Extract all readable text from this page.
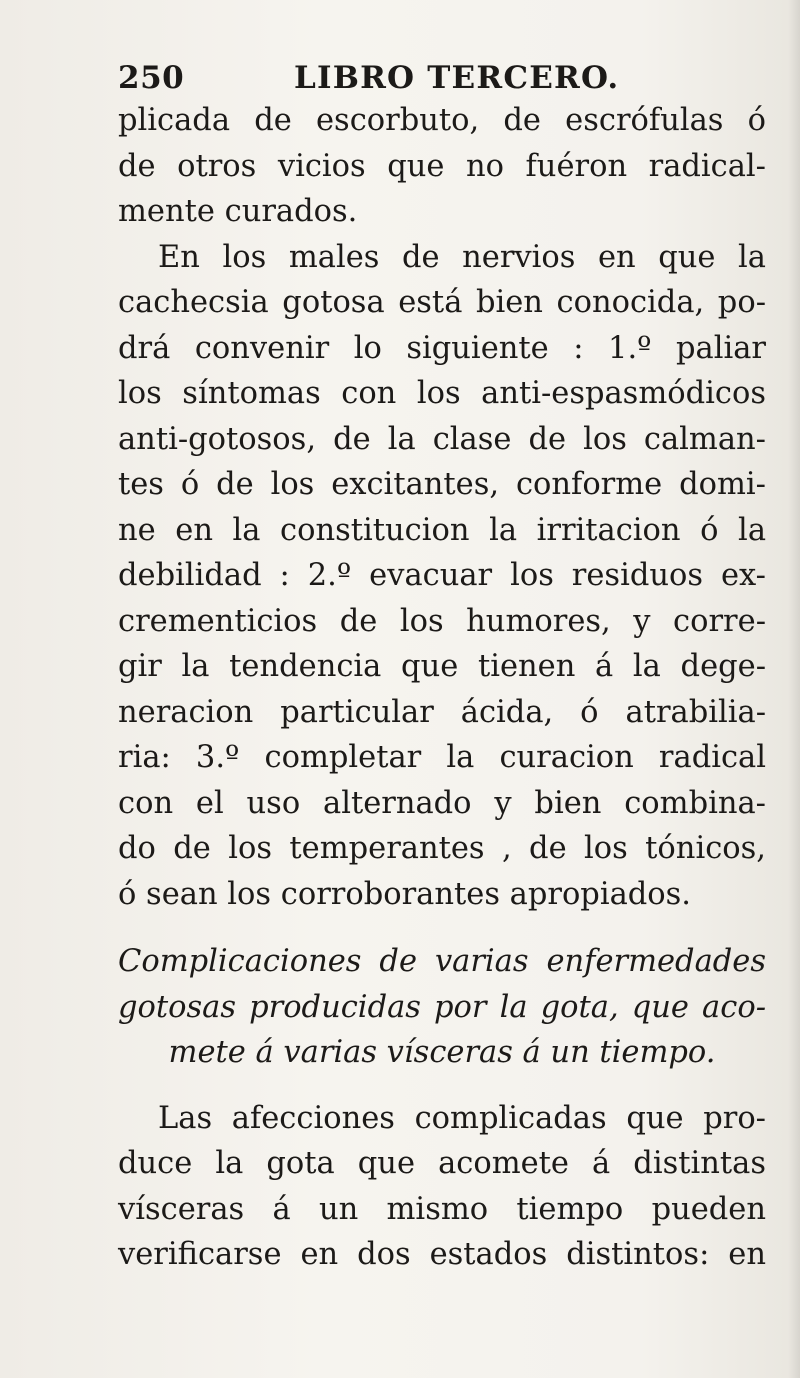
250	LIBRO TERCERO.

plicada de escorbuto, de escrófulas ó
de otros vicios que no fuéron radical-
mente curados.

En los males de nervios en que la
cachecsia gotosa está bien conocida, po-
drá convenir lo siguiente : 1.º paliar
los síntomas con los anti-espasmódicos
anti-gotosos, de la clase de los calman-
tes ó de los excitantes, conforme domi-
ne en la constitucion la irritacion ó la
debilidad : 2.º evacuar los residuos ex-
crementicios de los humores, y corre-
gir la tendencia que tienen á la dege-
neracion particular ácida, ó atrabilia-
ria: 3.º completar la curacion radical
con el uso alternado y bien combina-
do de los temperantes , de los tónicos,
ó sean los corroborantes apropiados.

Complicaciones de varias enfermedades
gotosas producidas por la gota, que aco-
mete á varias vísceras á un tiempo.

Las afecciones complicadas que pro-
duce la gota que acomete á distintas
vísceras á un mismo tiempo pueden
verificarse en dos estados distintos: en
